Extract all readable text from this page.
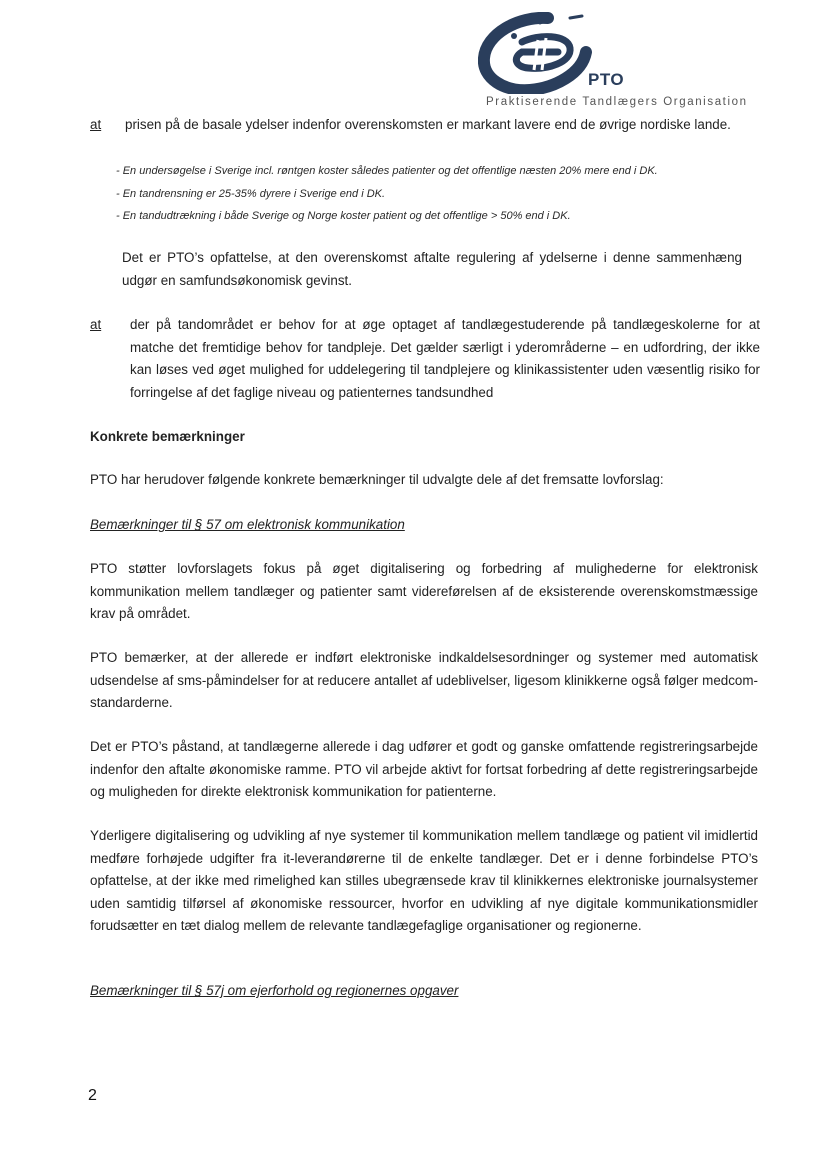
PTO
Praktiserende Tandlægers Organisation
at prisen på de basale ydelser indenfor overenskomsten er markant lavere end de øvrige nordiske lande.
- En undersøgelse i Sverige incl. røntgen koster således patienter og det offentlige næsten 20% mere end i DK.
- En tandrensning er 25-35% dyrere i Sverige end i DK.
- En tandudtrækning i både Sverige og Norge koster patient og det offentlige > 50% end i DK.
Det er PTO’s opfattelse, at den overenskomst aftalte regulering af ydelserne i denne sammenhæng udgør en samfundsøkonomisk gevinst.
at der på tandområdet er behov for at øge optaget af tandlægestuderende på tandlægeskolerne for at matche det fremtidige behov for tandpleje. Det gælder særligt i yderområderne – en udfordring, der ikke kan løses ved øget mulighed for uddelegering til tandplejere og klinikassistenter uden væsentlig risiko for forringelse af det faglige niveau og patienternes tandsundhed
Konkrete bemærkninger
PTO har herudover følgende konkrete bemærkninger til udvalgte dele af det fremsatte lovforslag:
Bemærkninger til § 57 om elektronisk kommunikation
PTO støtter lovforslagets fokus på øget digitalisering og forbedring af mulighederne for elektronisk kommunikation mellem tandlæger og patienter samt videreførelsen af de eksisterende overenskomstmæssige krav på området.
PTO bemærker, at der allerede er indført elektroniske indkaldelsesordninger og systemer med automatisk udsendelse af sms-påmindelser for at reducere antallet af udeblivelser, ligesom klinikkerne også følger medcom-standarderne.
Det er PTO’s påstand, at tandlægerne allerede i dag udfører et godt og ganske omfattende registreringsarbejde indenfor den aftalte økonomiske ramme. PTO vil arbejde aktivt for fortsat forbedring af dette registreringsarbejde og muligheden for direkte elektronisk kommunikation for patienterne.
Yderligere digitalisering og udvikling af nye systemer til kommunikation mellem tandlæge og patient vil imidlertid medføre forhøjede udgifter fra it-leverandørerne til de enkelte tandlæger. Det er i denne forbindelse PTO’s opfattelse, at der ikke med rimelighed kan stilles ubegrænsede krav til klinikkernes elektroniske journalsystemer uden samtidig tilførsel af økonomiske ressourcer, hvorfor en udvikling af nye digitale kommunikationsmidler forudsætter en tæt dialog mellem de relevante tandlægefaglige organisationer og regionerne.
Bemærkninger til § 57j om ejerforhold og regionernes opgaver
2
